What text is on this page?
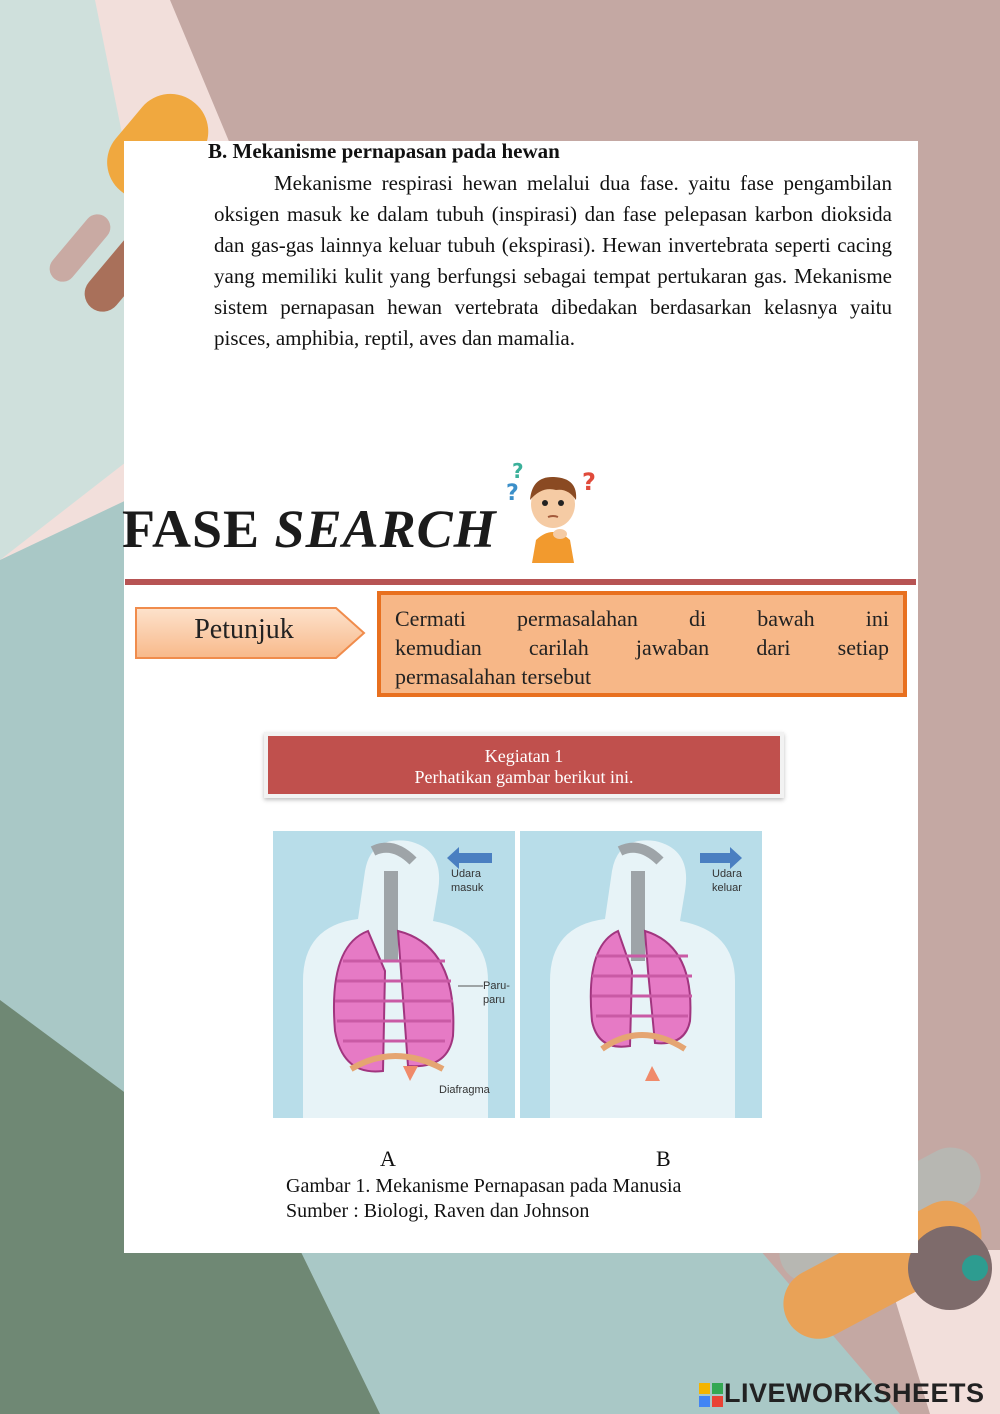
B. Mekanisme pernapasan pada hewan

Mekanisme respirasi hewan melalui dua fase. yaitu fase pengambilan oksigen masuk ke dalam tubuh (inspirasi) dan fase pelepasan karbon dioksida dan gas-gas lainnya keluar tubuh (ekspirasi). Hewan invertebrata seperti cacing yang memiliki kulit yang berfungsi sebagai tempat pertukaran gas. Mekanisme sistem pernapasan hewan vertebrata dibedakan berdasarkan kelasnya yaitu pisces, amphibia, reptil, aves dan mamalia.

FASE SEARCH
?
? ?
Petunjuk	Cermati permasalahan di bawah ini
kemudian carilah jawaban dari setiap
permasalahan tersebut
Kegiatan 1
Perhatikan gambar berikut ini.
Udara
masuk
Paru-
paru
Diafragma
Udara
keluar
A	B
Gambar 1. Mekanisme Pernapasan pada Manusia
Sumber : Biologi, Raven dan Johnson
LIVEWORKSHEETS
